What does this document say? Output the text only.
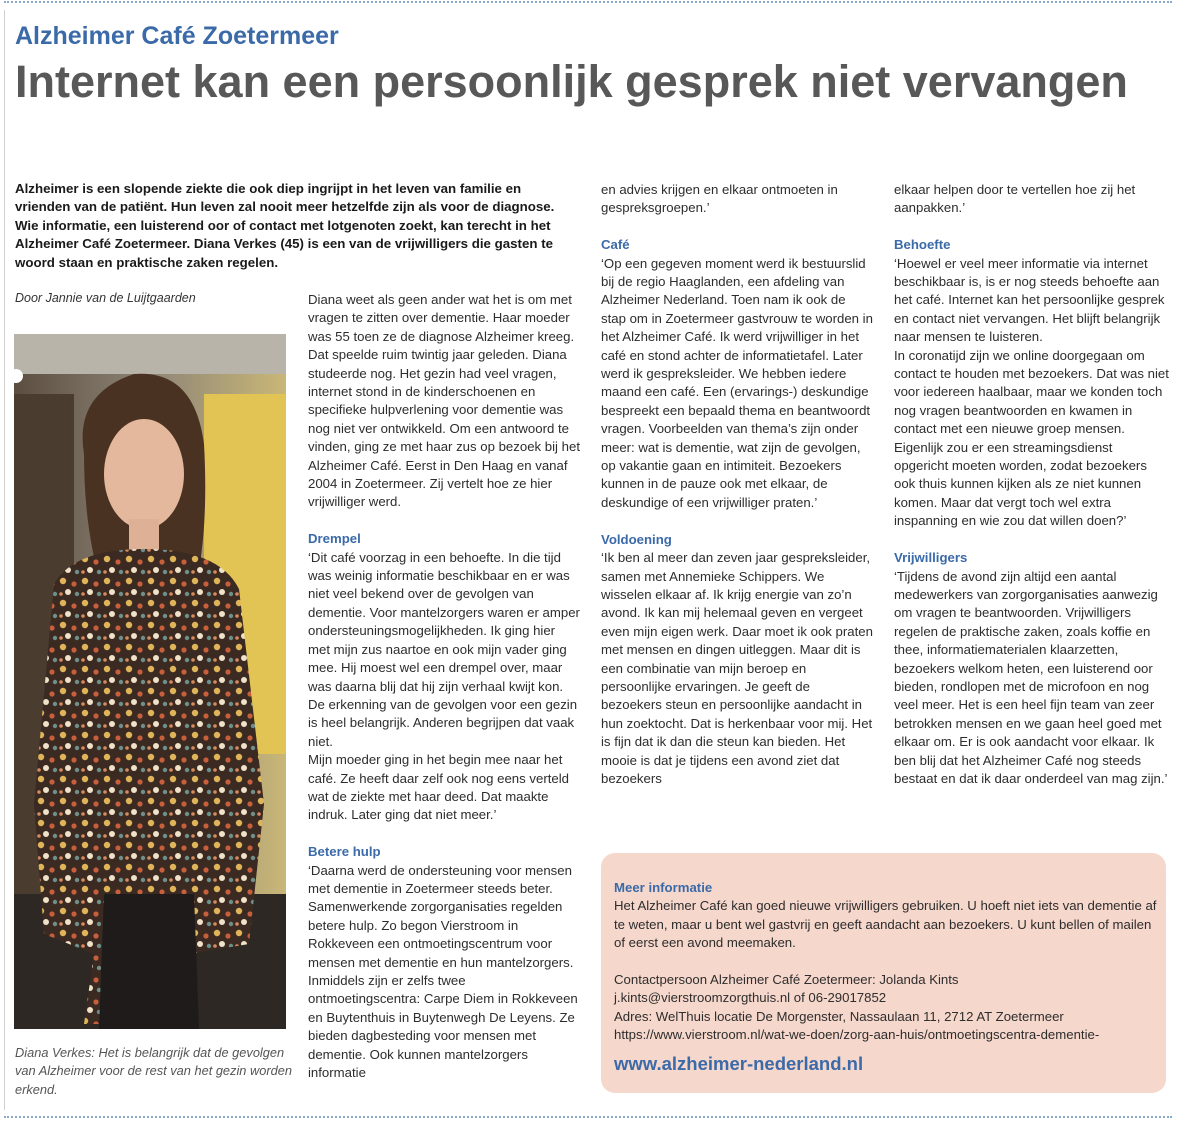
Alzheimer Café Zoetermeer
Internet kan een persoonlijk gesprek niet vervangen

Alzheimer is een slopende ziekte die ook diep ingrijpt in het leven van familie en vrienden van de patiënt. Hun leven zal nooit meer hetzelfde zijn als voor de diagnose. Wie informatie, een luisterend oor of contact met lotgenoten zoekt, kan terecht in het Alzheimer Café Zoetermeer. Diana Verkes (45) is een van de vrijwilligers die gasten te woord staan en praktische zaken regelen.

Door Jannie van de Luijtgaarden

Diana Verkes: Het is belangrijk dat de gevolgen van Alzheimer voor de rest van het gezin worden erkend.

Diana weet als geen ander wat het is om met vragen te zitten over dementie. Haar moeder was 55 toen ze de diagnose Alzheimer kreeg. Dat speelde ruim twintig jaar geleden. Diana studeerde nog. Het gezin had veel vragen, internet stond in de kinderschoenen en specifieke hulpverlening voor dementie was nog niet ver ontwikkeld. Om een antwoord te vinden, ging ze met haar zus op bezoek bij het Alzheimer Café. Eerst in Den Haag en vanaf 2004 in Zoetermeer. Zij vertelt hoe ze hier vrijwilliger werd.

Drempel

‘Dit café voorzag in een behoefte. In die tijd was weinig informatie beschikbaar en er was niet veel bekend over de gevolgen van dementie. Voor mantelzorgers waren er amper ondersteuningsmogelijkheden. Ik ging hier met mijn zus naartoe en ook mijn vader ging mee. Hij moest wel een drempel over, maar was daarna blij dat hij zijn verhaal kwijt kon. De erkenning van de gevolgen voor een gezin is heel belangrijk. Anderen begrijpen dat vaak niet.

Mijn moeder ging in het begin mee naar het café. Ze heeft daar zelf ook nog eens verteld wat de ziekte met haar deed. Dat maakte indruk. Later ging dat niet meer.’

Betere hulp

‘Daarna werd de ondersteuning voor mensen met dementie in Zoetermeer steeds beter. Samenwerkende zorgorganisaties regelden betere hulp. Zo begon Vierstroom in Rokkeveen een ontmoetingscentrum voor mensen met dementie en hun mantelzorgers. Inmiddels zijn er zelfs twee ontmoetingscentra: Carpe Diem in Rokkeveen en Buytenthuis in Buytenwegh De Leyens. Ze bieden dagbesteding voor mensen met dementie. Ook kunnen mantelzorgers informatie

en advies krijgen en elkaar ontmoeten in gespreksgroepen.’

Café

‘Op een gegeven moment werd ik bestuurslid bij de regio Haaglanden, een afdeling van Alzheimer Nederland. Toen nam ik ook de stap om in Zoetermeer gastvrouw te worden in het Alzheimer Café. Ik werd vrijwilliger in het café en stond achter de informatietafel. Later werd ik gespreksleider. We hebben iedere maand een café. Een (ervarings-) deskundige bespreekt een bepaald thema en beantwoordt vragen. Voorbeelden van thema’s zijn onder meer: wat is dementie, wat zijn de gevolgen, op vakantie gaan en intimiteit. Bezoekers kunnen in de pauze ook met elkaar, de deskundige of een vrijwilliger praten.’

Voldoening

‘Ik ben al meer dan zeven jaar gespreksleider, samen met Annemieke Schippers. We wisselen elkaar af. Ik krijg energie van zo’n avond. Ik kan mij helemaal geven en vergeet even mijn eigen werk. Daar moet ik ook praten met mensen en dingen uitleggen. Maar dit is een combinatie van mijn beroep en persoonlijke ervaringen. Je geeft de bezoekers steun en persoonlijke aandacht in hun zoektocht. Dat is herkenbaar voor mij. Het is fijn dat ik dan die steun kan bieden. Het mooie is dat je tijdens een avond ziet dat bezoekers

elkaar helpen door te vertellen hoe zij het aanpakken.’

Behoefte

‘Hoewel er veel meer informatie via internet beschikbaar is, is er nog steeds behoefte aan het café. Internet kan het persoonlijke gesprek en contact niet vervangen. Het blijft belangrijk naar mensen te luisteren.

In coronatijd zijn we online doorgegaan om contact te houden met bezoekers. Dat was niet voor iedereen haalbaar, maar we konden toch nog vragen beantwoorden en kwamen in contact met een nieuwe groep mensen. Eigenlijk zou er een streamingsdienst opgericht moeten worden, zodat bezoekers ook thuis kunnen kijken als ze niet kunnen komen. Maar dat vergt toch wel extra inspanning en wie zou dat willen doen?’

Vrijwilligers

‘Tijdens de avond zijn altijd een aantal medewerkers van zorgorganisaties aanwezig om vragen te beantwoorden. Vrijwilligers regelen de praktische zaken, zoals koffie en thee, informatiematerialen klaarzetten, bezoekers welkom heten, een luisterend oor bieden, rondlopen met de microfoon en nog veel meer. Het is een heel fijn team van zeer betrokken mensen en we gaan heel goed met elkaar om. Er is ook aandacht voor elkaar. Ik ben blij dat het Alzheimer Café nog steeds bestaat en dat ik daar onderdeel van mag zijn.’

Meer informatie

Het Alzheimer Café kan goed nieuwe vrijwilligers gebruiken. U hoeft niet iets van dementie af te weten, maar u bent wel gastvrij en geeft aandacht aan bezoekers. U kunt bellen of mailen of eerst een avond meemaken.

Contactpersoon Alzheimer Café Zoetermeer: Jolanda Kints

j.kints@vierstroomzorgthuis.nl of 06-29017852

Adres: WelThuis locatie De Morgenster, Nassaulaan 11, 2712 AT Zoetermeer

https://www.vierstroom.nl/wat-we-doen/zorg-aan-huis/ontmoetingscentra-dementie-

www.alzheimer-nederland.nl
